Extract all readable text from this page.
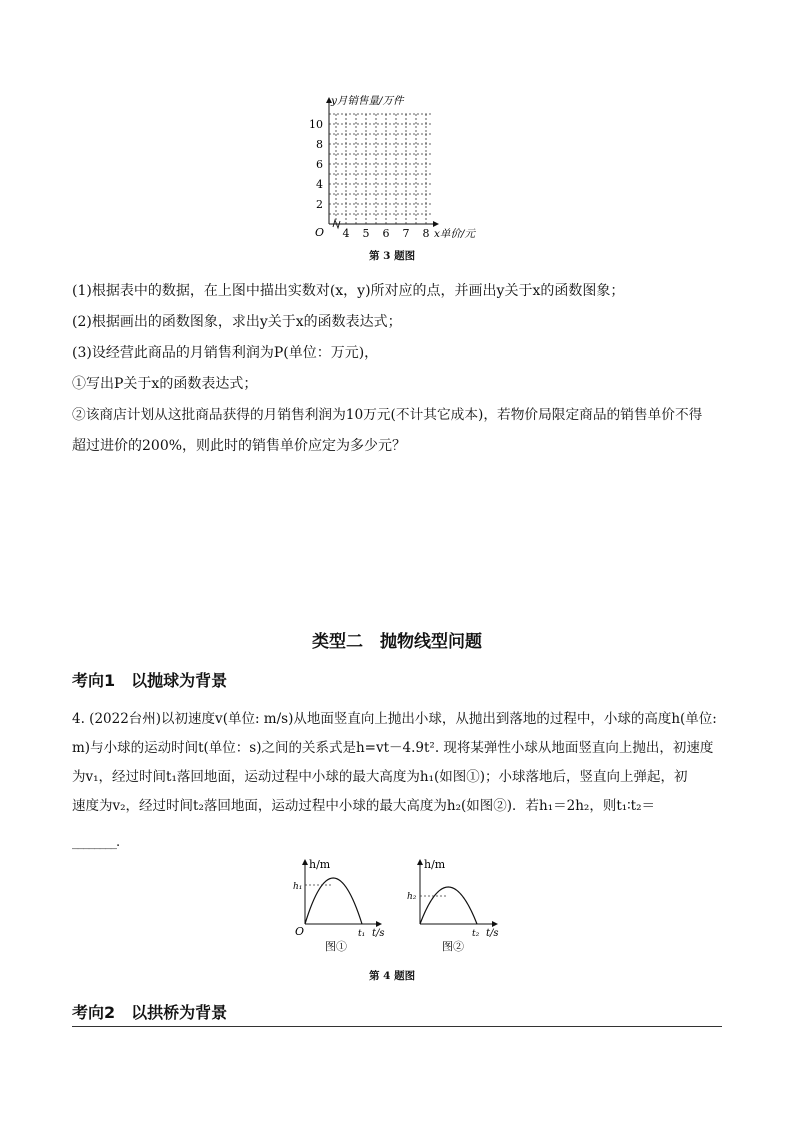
y月销售量/万件
x单价/元
O
2
4
6
8
10
4 5 6 7 8
第 3 题图
(1)根据表中的数据，在上图中描出实数对(x，y)所对应的点，并画出y关于x的函数图象；
(2)根据画出的函数图象，求出y关于x的函数表达式；
(3)设经营此商品的月销售利润为P(单位：万元)，
①写出P关于x的函数表达式；
②该商店计划从这批商品获得的月销售利润为10万元(不计其它成本)，若物价局限定商品的销售单价不得
超过进价的200%，则此时的销售单价应定为多少元？
类型二　抛物线型问题
考向1　以抛球为背景
4. (2022台州)以初速度v(单位: m/s)从地面竖直向上抛出小球，从抛出到落地的过程中，小球的高度h(单位:
m)与小球的运动时间t(单位：s)之间的关系式是h=vt－4.9t². 现将某弹性小球从地面竖直向上抛出，初速度
为v₁，经过时间t₁落回地面，运动过程中小球的最大高度为h₁(如图①)；小球落地后，竖直向上弹起，初
速度为v₂，经过时间t₂落回地面，运动过程中小球的最大高度为h₂(如图②)．若h₁＝2h₂，则t₁∶t₂＝
________.
h/m
h₁
O	t₁ t/s
图①
h/m
h₂
t₂ t/s
图②
第 4 题图
考向2　以拱桥为背景
